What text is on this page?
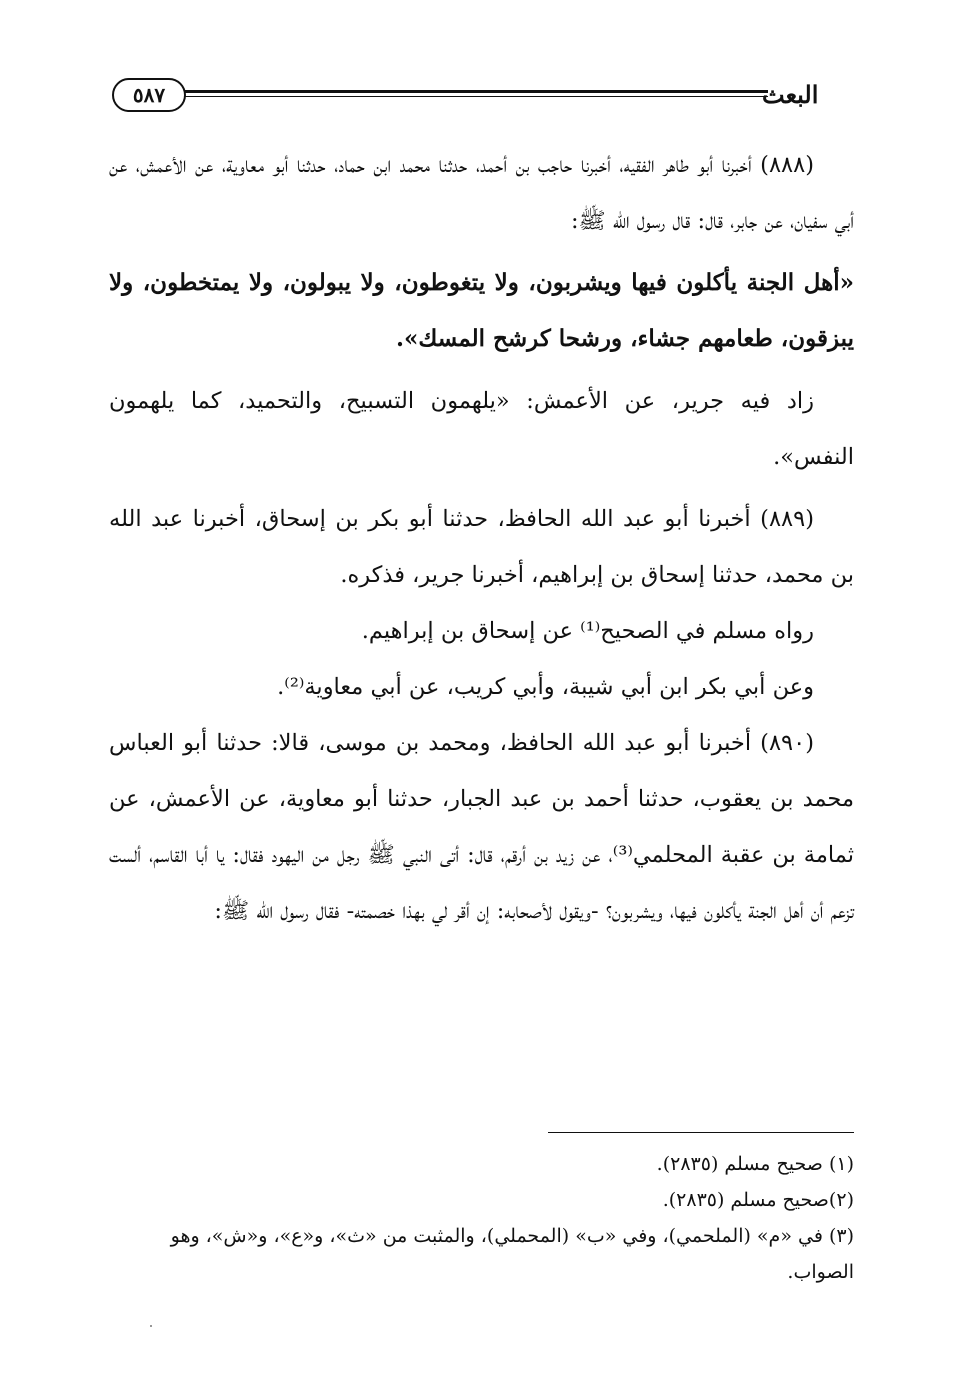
٥٨٧	البعث

(٨٨٨) أخبرنا أبو طاهر الفقيه، أخبرنا حاجب بن أحمد، حدثنا محمد ابن حماد، حدثنا أبو معاوية، عن الأعمش، عن أبي سفيان، عن جابر، قال: قال رسول الله ﷺ:

«أهل الجنة يأكلون فيها ويشربون، ولا يتغوطون، ولا يبولون، ولا يمتخطون، ولا يبزقون، طعامهم جشاء، ورشحا كرشح المسك».

زاد فيه جرير، عن الأعمش: «يلهمون التسبيح، والتحميد، كما يلهمون النفس».

(٨٨٩) أخبرنا أبو عبد الله الحافظ، حدثنا أبو بكر بن إسحاق، أخبرنا عبد الله بن محمد، حدثنا إسحاق بن إبراهيم، أخبرنا جرير، فذكره.

رواه مسلم في الصحيح⁽¹⁾ عن إسحاق بن إبراهيم.

وعن أبي بكر ابن أبي شيبة، وأبي كريب، عن أبي معاوية⁽²⁾.

(٨٩٠) أخبرنا أبو عبد الله الحافظ، ومحمد بن موسى، قالا: حدثنا أبو العباس محمد بن يعقوب، حدثنا أحمد بن عبد الجبار، حدثنا أبو معاوية، عن الأعمش، عن ثمامة بن عقبة المحلمي⁽³⁾، عن زيد بن أرقم، قال: أتى النبي ﷺ رجل من اليهود فقال: يا أبا القاسم، ألست تزعم أن أهل الجنة يأكلون فيها، ويشربون؟ -ويقول لأصحابه: إن أقر لي بهذا خصمته- فقال رسول الله ﷺ:

(١) صحيح مسلم (٢٨٣٥).

(٢)صحيح مسلم (٢٨٣٥).

(٣) في «م» (الملحمي)، وفي «ب» (المحملي)، والمثبت من «ث»، و«ع»، و«ش»، وهو الصواب.
